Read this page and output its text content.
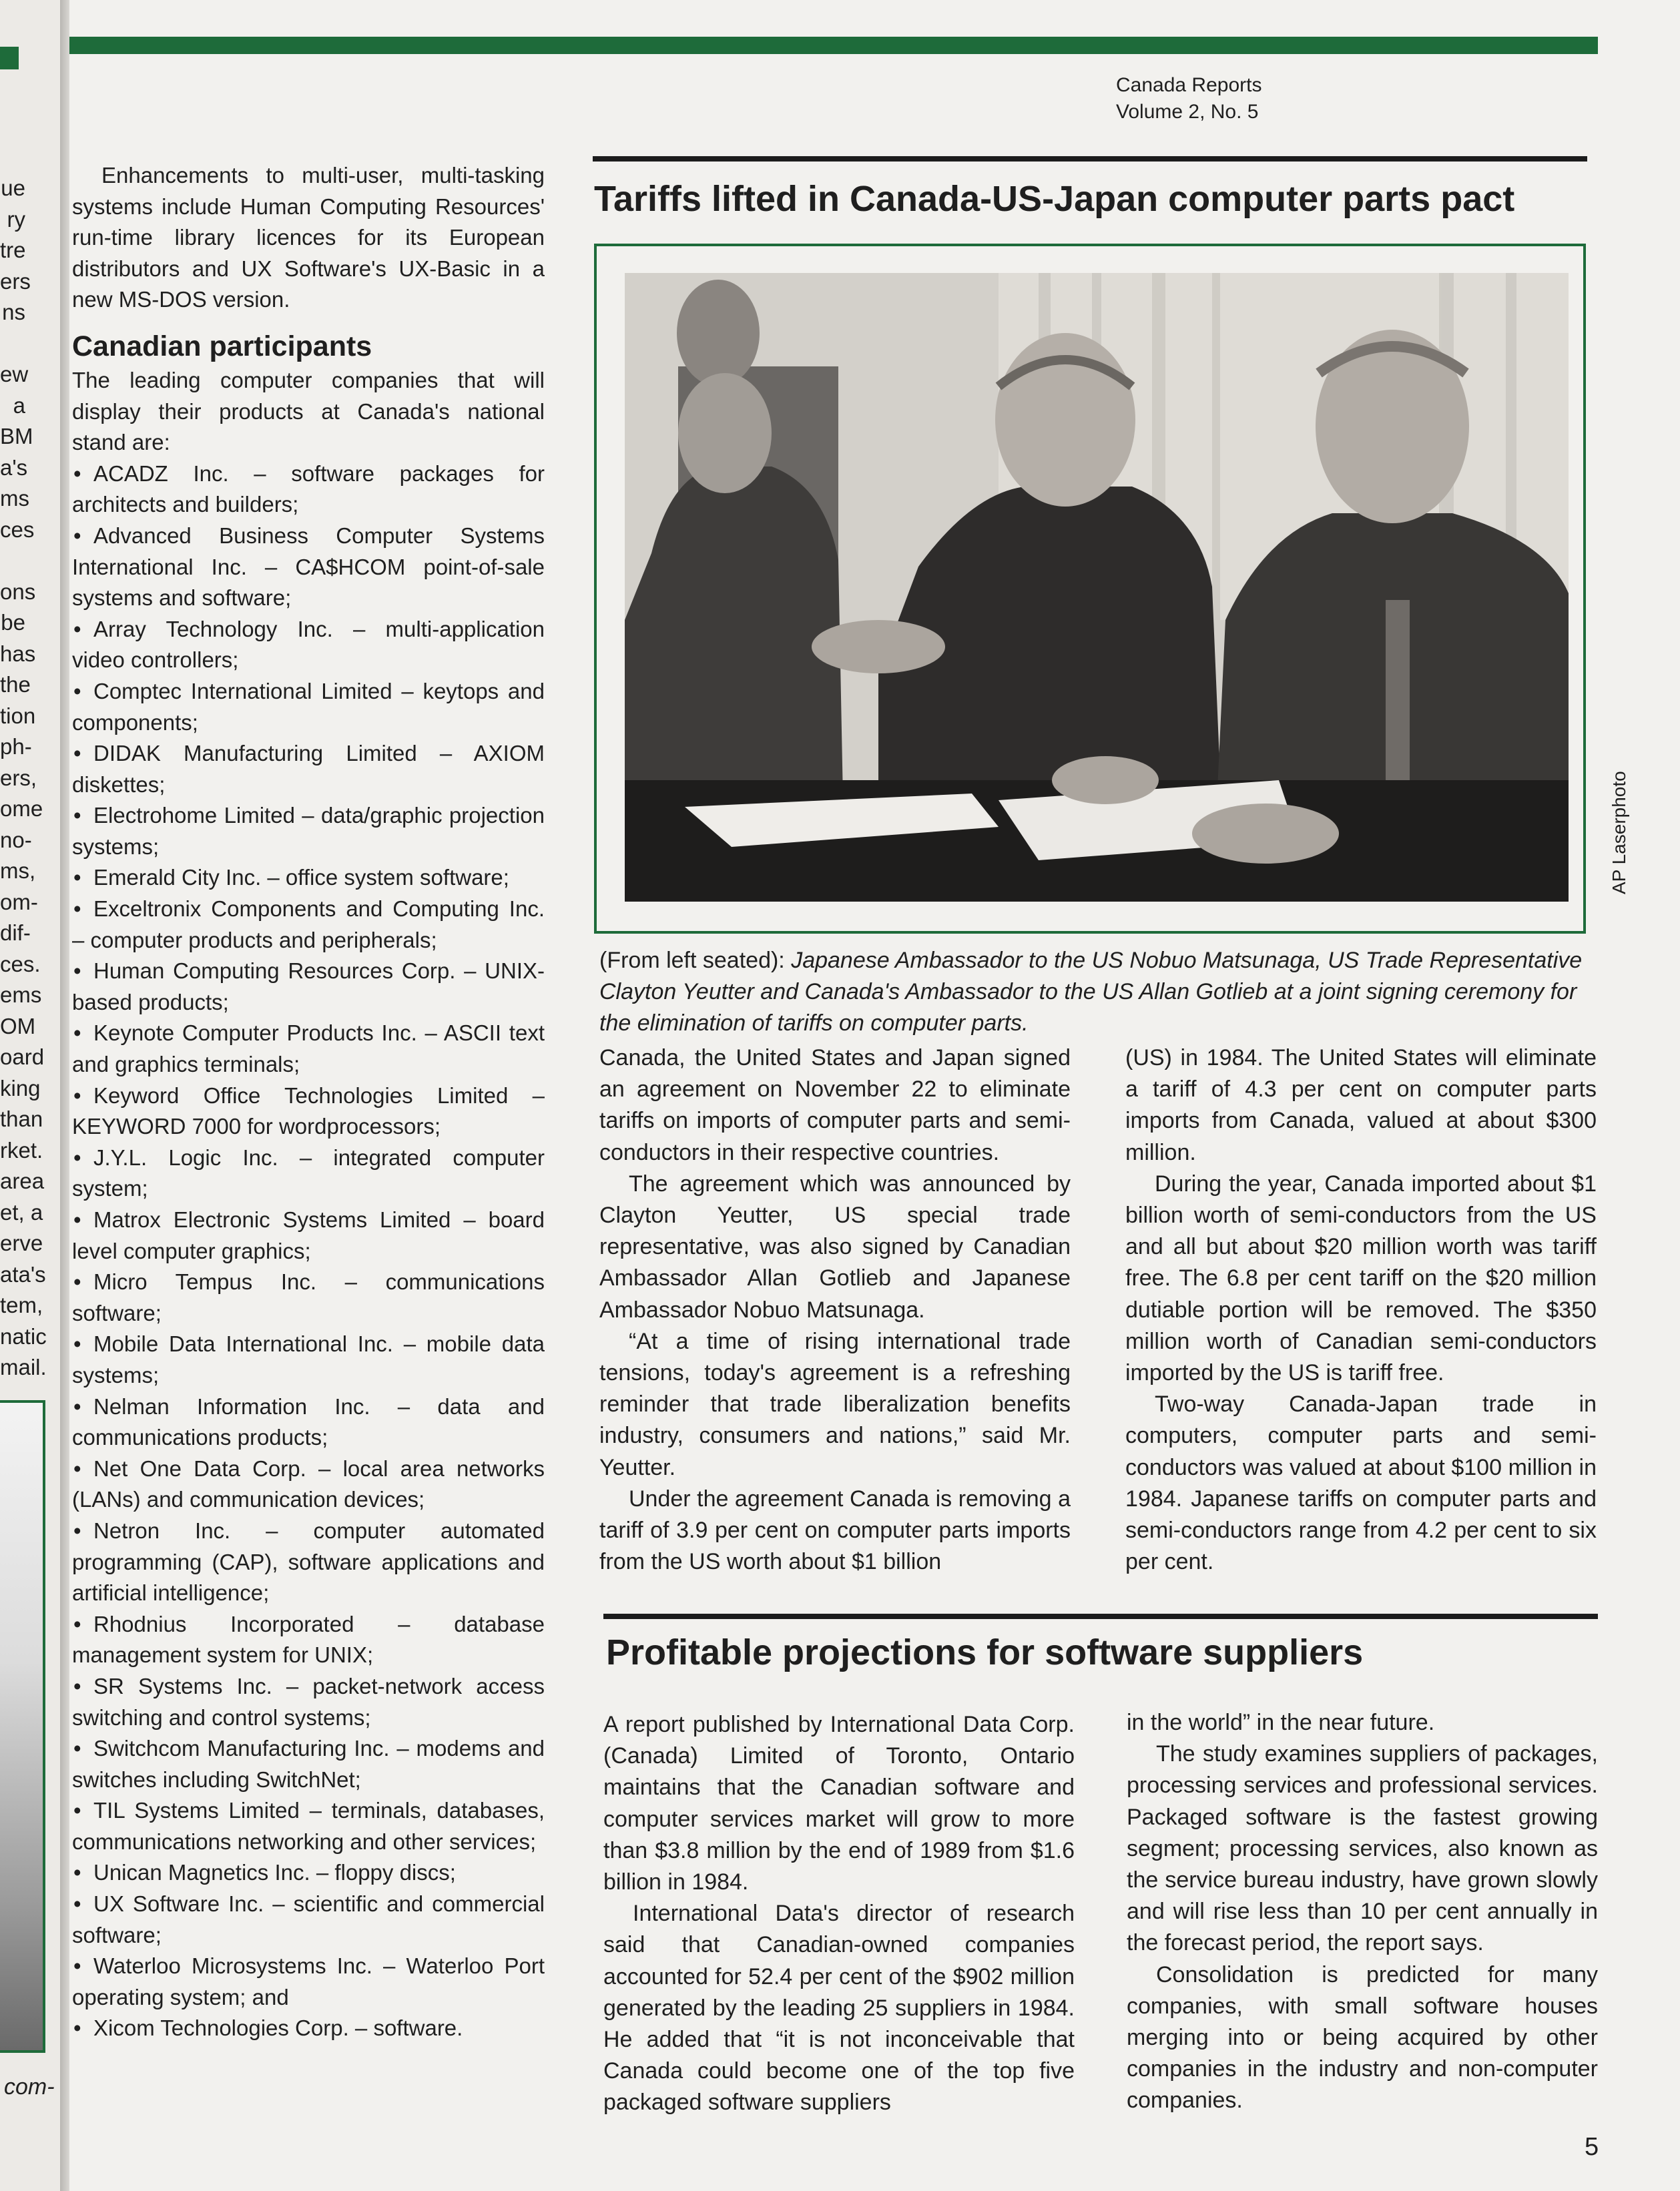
ue
ry
tre
ers
ns
ew
a
BM
a's
ms
ces
ons
be
has
the
tion
ph-
ers,
ome
no-
ms,
om-
dif-
ces.
ems
OM
oard
king
than
rket.
area
et, a
erve
ata's
tem,
natic
mail.
com-
Canada Reports
Volume 2, No. 5

Enhancements to multi-user, multi-tasking systems include Human Computing Resources' run-time library licences for its European distributors and UX Software's UX-Basic in a new MS-DOS version.

Canadian participants

The leading computer companies that will display their products at Canada's national stand are:

• ACADZ Inc. – software packages for architects and builders;
• Advanced Business Computer Systems International Inc. – CA$HCOM point-of-sale systems and software;
• Array Technology Inc. – multi-application video controllers;
• Comptec International Limited – keytops and components;
• DIDAK Manufacturing Limited – AXIOM diskettes;
• Electrohome Limited – data/graphic projection systems;
• Emerald City Inc. – office system software;
• Exceltronix Components and Computing Inc. – computer products and peripherals;
• Human Computing Resources Corp. – UNIX-based products;
• Keynote Computer Products Inc. – ASCII text and graphics terminals;
• Keyword Office Technologies Limited – KEYWORD 7000 for wordprocessors;
• J.Y.L. Logic Inc. – integrated computer system;
• Matrox Electronic Systems Limited – board level computer graphics;
• Micro Tempus Inc. – communications software;
• Mobile Data International Inc. – mobile data systems;
• Nelman Information Inc. – data and communications products;
• Net One Data Corp. – local area networks (LANs) and communication devices;
• Netron Inc. – computer automated programming (CAP), software applications and artificial intelligence;
• Rhodnius Incorporated – database management system for UNIX;
• SR Systems Inc. – packet-network access switching and control systems;
• Switchcom Manufacturing Inc. – modems and switches including SwitchNet;
• TIL Systems Limited – terminals, databases, communications networking and other services;
• Unican Magnetics Inc. – floppy discs;
• UX Software Inc. – scientific and commercial software;
• Waterloo Microsystems Inc. – Waterloo Port operating system; and
• Xicom Technologies Corp. – software.
Tariffs lifted in Canada-US-Japan computer parts pact
AP Laserphoto
(From left seated): Japanese Ambassador to the US Nobuo Matsunaga, US Trade Representative Clayton Yeutter and Canada's Ambassador to the US Allan Gotlieb at a joint signing ceremony for the elimination of tariffs on computer parts.

Canada, the United States and Japan signed an agreement on November 22 to eliminate tariffs on imports of computer parts and semi-conductors in their respective countries.

The agreement which was announced by Clayton Yeutter, US special trade representative, was also signed by Canadian Ambassador Allan Gotlieb and Japanese Ambassador Nobuo Matsunaga.

“At a time of rising international trade tensions, today's agreement is a refreshing reminder that trade liberalization benefits industry, consumers and nations,” said Mr. Yeutter.

Under the agreement Canada is removing a tariff of 3.9 per cent on computer parts imports from the US worth about $1 billion

(US) in 1984. The United States will eliminate a tariff of 4.3 per cent on computer parts imports from Canada, valued at about $300 million.

During the year, Canada imported about $1 billion worth of semi-conductors from the US and all but about $20 million worth was tariff free. The 6.8 per cent tariff on the $20 million dutiable portion will be removed. The $350 million worth of Canadian semi-conductors imported by the US is tariff free.

Two-way Canada-Japan trade in computers, computer parts and semi-conductors was valued at about $100 million in 1984. Japanese tariffs on computer parts and semi-conductors range from 4.2 per cent to six per cent.

Profitable projections for software suppliers

A report published by International Data Corp. (Canada) Limited of Toronto, Ontario maintains that the Canadian software and computer services market will grow to more than $3.8 million by the end of 1989 from $1.6 billion in 1984.

International Data's director of research said that Canadian-owned companies accounted for 52.4 per cent of the $902 million generated by the leading 25 suppliers in 1984. He added that “it is not inconceivable that Canada could become one of the top five packaged software suppliers

in the world” in the near future.

The study examines suppliers of packages, processing services and professional services. Packaged software is the fastest growing segment; processing services, also known as the service bureau industry, have grown slowly and will rise less than 10 per cent annually in the forecast period, the report says.

Consolidation is predicted for many companies, with small software houses merging into or being acquired by other companies in the industry and non-computer companies.

5
